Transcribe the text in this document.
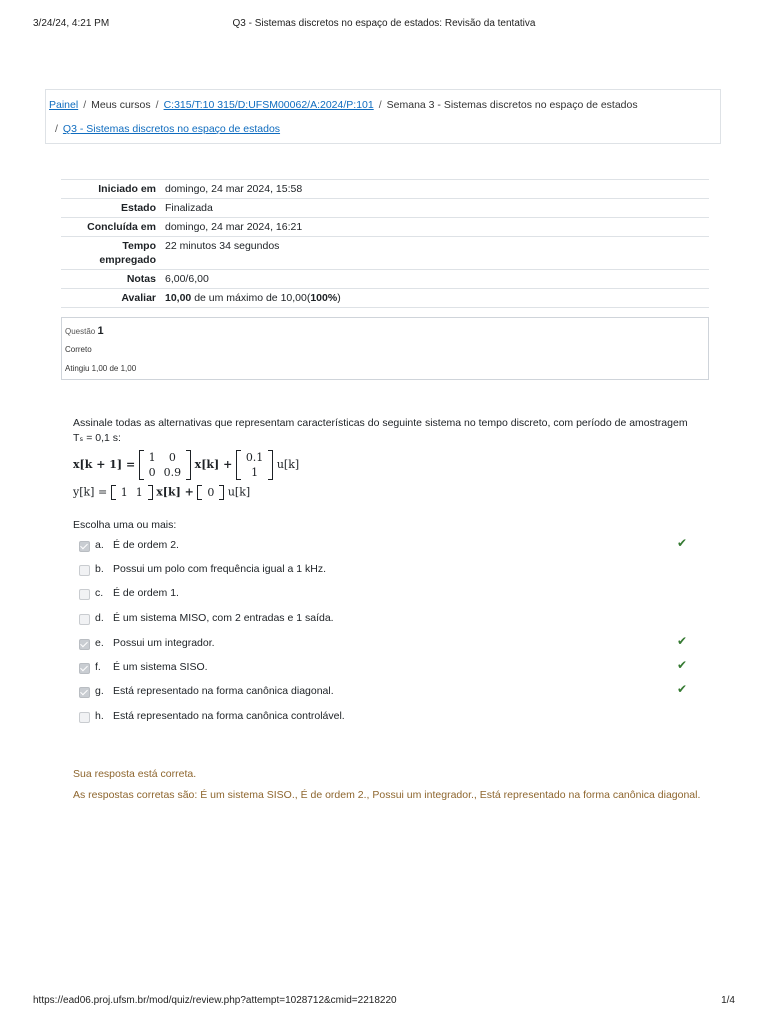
3/24/24, 4:21 PM	Q3 - Sistemas discretos no espaço de estados: Revisão da tentativa
Painel / Meus cursos / C:315/T:10 315/D:UFSM00062/A:2024/P:101 / Semana 3 - Sistemas discretos no espaço de estados
/ Q3 - Sistemas discretos no espaço de estados
Iniciado em	domingo, 24 mar 2024, 15:58
Estado	Finalizada
Concluída em	domingo, 24 mar 2024, 16:21
Tempo empregado	22 minutos 34 segundos
Notas	6,00/6,00
Avaliar	10,00 de um máximo de 10,00(100%)
Questão 1
Correto
Atingiu 1,00 de 1,00
Assinale todas as alternativas que representam características do seguinte sistema no tempo discreto, com período de amostragem Tₛ = 0,1 s:
x[k + 1] =
1	0
0	0.9
x[k] +
0.1
1
u[k]
y[k] = 1	1 x[k] + 0 u[k]
Escolha uma ou mais:
a. É de ordem 2.	✔
b. Possui um polo com frequência igual a 1 kHz.
c. É de ordem 1.
d. É um sistema MISO, com 2 entradas e 1 saída.
e. Possui um integrador.	✔
f. É um sistema SISO.	✔
g. Está representado na forma canônica diagonal.	✔
h. Está representado na forma canônica controlável.
Sua resposta está correta.
As respostas corretas são: É um sistema SISO., É de ordem 2., Possui um integrador., Está representado na forma canônica diagonal.
https://ead06.proj.ufsm.br/mod/quiz/review.php?attempt=1028712&cmid=2218220	1/4
